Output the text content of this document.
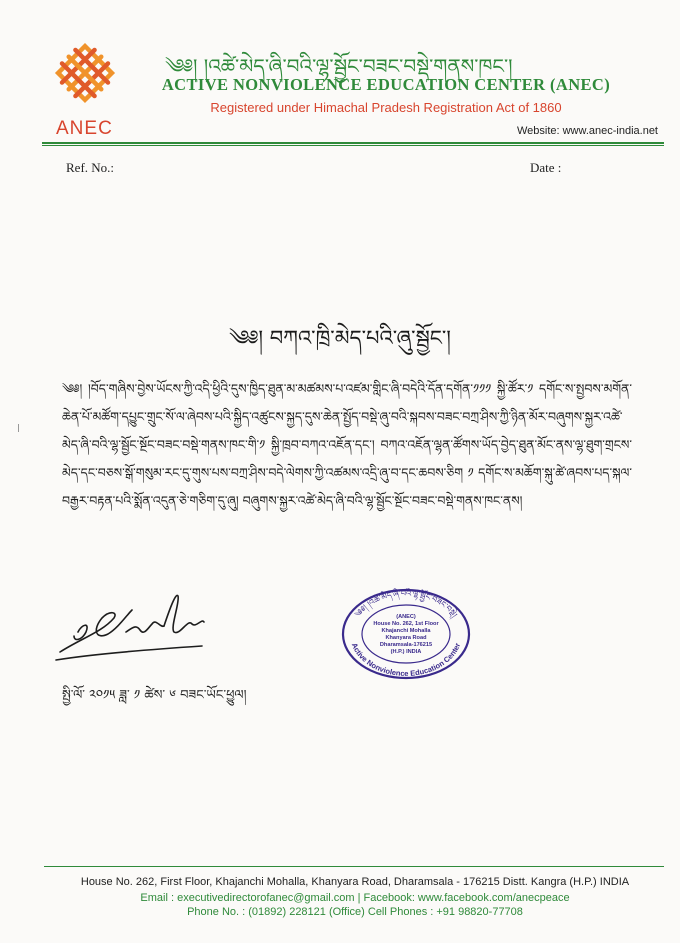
ANEC
༄༅། །འཚེ་མེད་ཞི་བའི་ལྷ་སྦྱོང་བཟང་བསྡེ་གནས་ཁང་།
ACTIVE NONVIOLENCE EDUCATION CENTER (ANEC)
Registered under Himachal Pradesh Registration Act of 1860
Website: www.anec-india.net
Ref. No.:	Date :
༄༅། བཀའ་ཁྲི་མེད་པའི་ཞུ་སྦྱོང་།
༄༅། །བོད་གཞིས་བྱེས་ཡོངས་ཀྱི་འདི་ཕྱིའི་དུས་ཁྱིད་ཐུན་མ་མཚམས་པ་འཛམ་གླིང་ཞི་བདེའི་དོན་དགོན་༡༡༡ སྐྱི་ཚོར་༡ དགོང་ས་སྤྱབས་མགོན་ཆེན་པོ་མཚོག་དཔྱུང་གྲུང་སོ་ལ་ཞེབས་པའི་སྐྱིད་འཚུངས་སྐྱད་དུས་ཆེན་སྤྱོད་བསྡེ་ཞུ་བའི་སྐབས་བཟང་བཀྲ་ཤིས་ཀྱི་ཉིན་མོར་བཞུགས་སྐྱར་འཚེ་མེད་ཞི་བའི་ལྷ་སྦྱོང་སྔོང་བཟང་བསྡེ་གནས་ཁང་གི་༡ སྐྱི་ཁྲབ་བཀའ་འཇོན་དང་། བཀའ་འཇོན་ལྷན་ཚོགས་ཡོད་བྱེད་ཐུན་མོང་ནས་ལྷ་ཐུག་གྲངས་མེད་དང་བཅས་སྒོ་གསུམ་རང་དུ་གུས་པས་བཀྲ་ཤིས་བདེ་ལེགས་ཀྱི་འཚམས་འདྲི་ཞུ་བ་དང་ཆབས་ཅིག ༡ དགོང་ས་མཆོག་སྐུ་ཚེ་ཞབས་པད་སྐལ་བརྒྱར་བརྟན་པའི་སྨོན་འདུན་ཅེ་གཅིག་དུ་ཞུ། བཞུགས་སྐྱར་འཚེ་མེད་ཞི་བའི་ལྷ་སྦྱོང་སྔོང་བཟང་བསྡེ་གནས་ཁང་ནས།
༄༅། །འཚེ་མེད་ཞི་བའི་ལྷ་སྦྱོང་བཟང་བསྡེ།
Active Nonviolence Education Center
(ANEC)
House No. 262, 1st Floor
Khajanchi Mohalla
Khanyara Road
Dharamsala-176215
(H.P.) INDIA
སྤྱི་ལོ་ ༢༠༡༥ ཟླ་ ༡ ཚེས་ ༦ བཟང་ཡོང་ཕྱུལ།
House No. 262, First Floor, Khajanchi Mohalla, Khanyara Road, Dharamsala - 176215 Distt. Kangra (H.P.) INDIA
Email : executivedirectorofanec@gmail.com | Facebook: www.facebook.com/anecpeace
Phone No. : (01892) 228121 (Office) Cell Phones : +91 98820-77708
